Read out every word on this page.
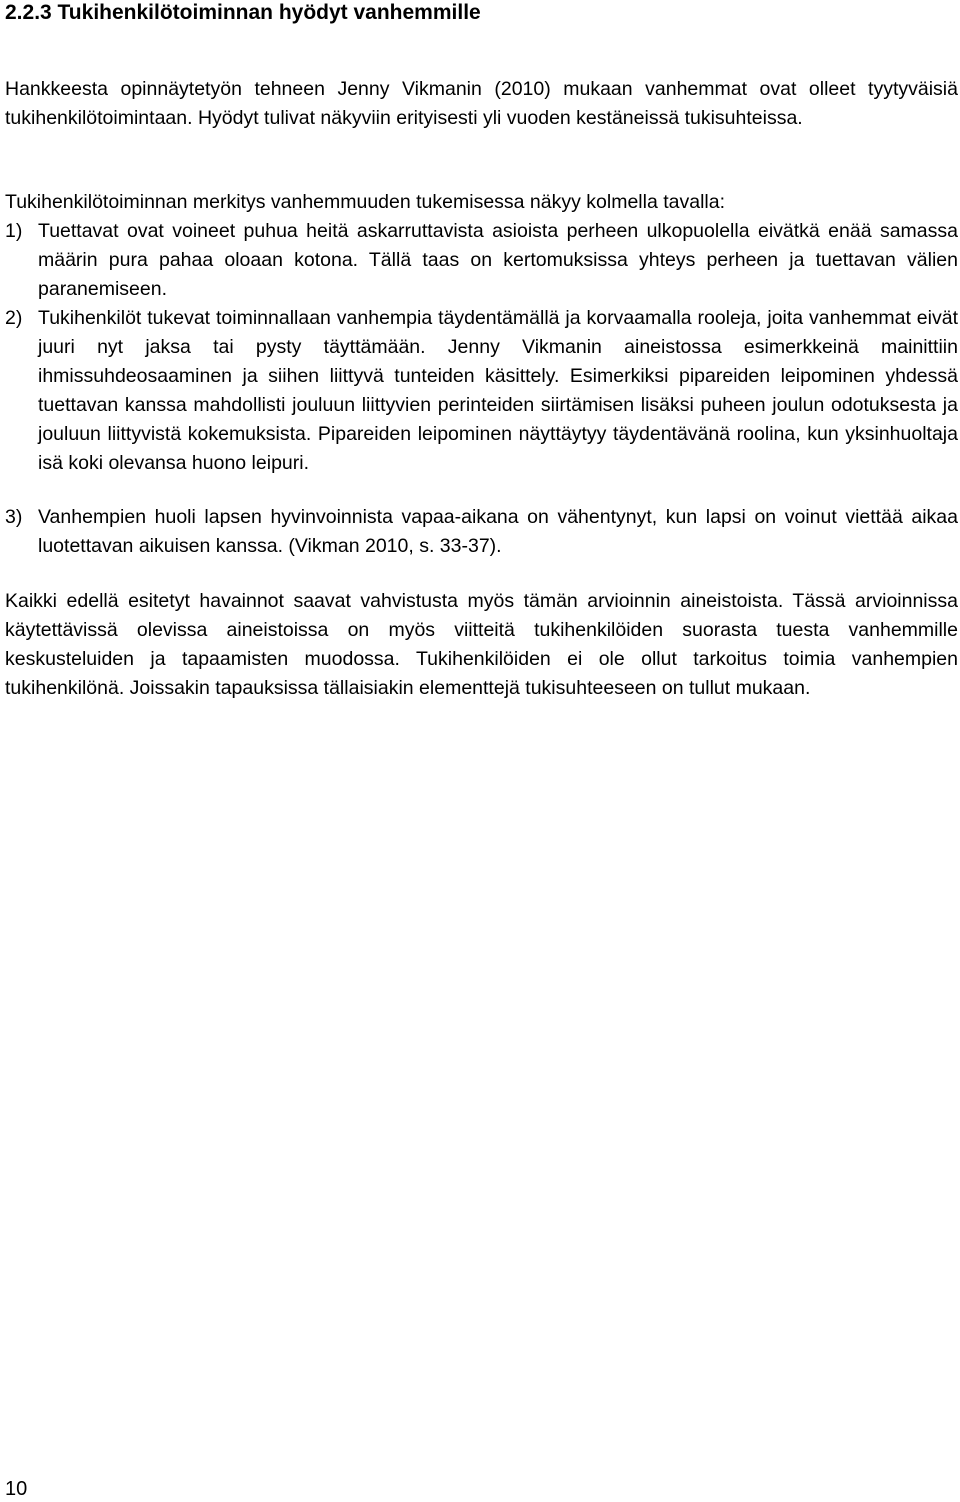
2.2.3 Tukihenkilötoiminnan hyödyt vanhemmille

Hankkeesta opinnäytetyön tehneen Jenny Vikmanin (2010) mukaan vanhemmat ovat olleet tyytyväisiä tukihenkilötoimintaan. Hyödyt tulivat näkyviin erityisesti yli vuoden kestäneissä tukisuhteissa.

Tukihenkilötoiminnan merkitys vanhemmuuden tukemisessa näkyy kolmella tavalla:

1) Tuettavat ovat voineet puhua heitä askarruttavista asioista perheen ulkopuolella eivätkä enää samassa määrin pura pahaa oloaan kotona. Tällä taas on kertomuksissa yhteys perheen ja tuettavan välien paranemiseen.
2) Tukihenkilöt tukevat toiminnallaan vanhempia täydentämällä ja korvaamalla rooleja, joita vanhemmat eivät juuri nyt jaksa tai pysty täyttämään. Jenny Vikmanin aineistossa esimerkkeinä mainittiin ihmissuhdeosaaminen ja siihen liittyvä tunteiden käsittely. Esimerkiksi pipareiden leipominen yhdessä tuettavan kanssa mahdollisti jouluun liittyvien perinteiden siirtämisen lisäksi puheen joulun odotuksesta ja jouluun liittyvistä kokemuksista. Pipareiden leipominen näyttäytyy täydentävänä roolina, kun yksinhuoltaja isä koki olevansa huono leipuri.
3) Vanhempien huoli lapsen hyvinvoinnista vapaa-aikana on vähentynyt, kun lapsi on voinut viettää aikaa luotettavan aikuisen kanssa. (Vikman 2010, s. 33-37).

Kaikki edellä esitetyt havainnot saavat vahvistusta myös tämän arvioinnin aineistoista. Tässä arvioinnissa käytettävissä olevissa aineistoissa on myös viitteitä tukihenkilöiden suorasta tuesta vanhemmille keskusteluiden ja tapaamisten muodossa. Tukihenkilöiden ei ole ollut tarkoitus toimia vanhempien tukihenkilönä. Joissakin tapauksissa tällaisiakin elementtejä tukisuhteeseen on tullut mukaan.

10
